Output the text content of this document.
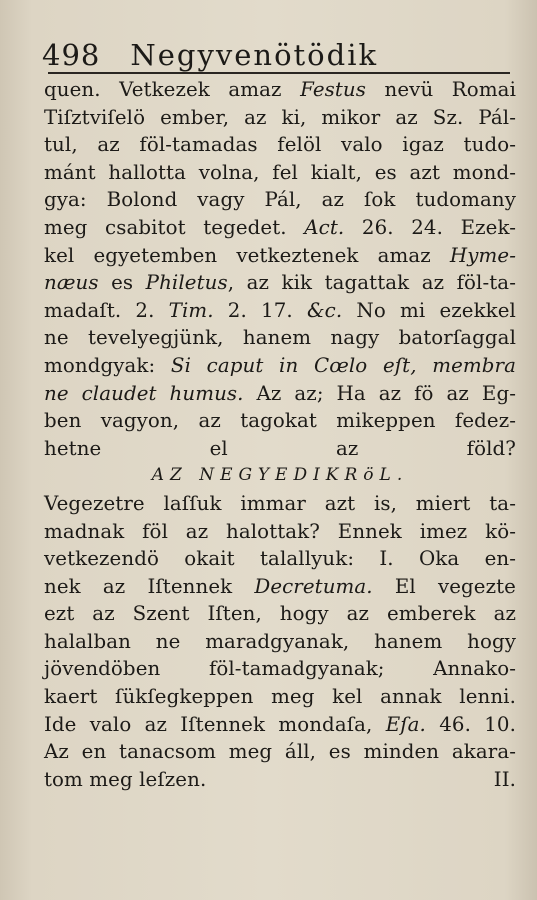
498 Negyvenötödik
quen. Vetkezek amaz Festus nevü Romai
Tiſztviſelö ember, az ki, mikor az Sz. Pál-
tul, az föl-tamadas felöl valo igaz tudo-
mánt hallotta volna, fel kialt, es azt mond-
gya: Bolond vagy Pál, az ſok tudomany
meg csabitot tegedet. Act. 26. 24. Ezek-
kel egyetemben vetkeztenek amaz Hyme-
næus es Philetus, az kik tagattak az föl-ta-
madaſt. 2. Tim. 2. 17. &c. No mi ezekkel
ne tevelyegjünk, hanem nagy batorſaggal
mondgyak: Si caput in Cœlo eſt, membra
ne claudet humus. Az az; Ha az fö az Eg-
ben vagyon, az tagokat mikeppen fedez-
hetne el az föld?
AZ NEGYEDIKRöL.
Vegezetre laſſuk immar azt is, miert ta-
madnak föl az halottak? Ennek imez kö-
vetkezendö okait talallyuk: I. Oka en-
nek az Iſtennek Decretuma. El vegezte
ezt az Szent Iſten, hogy az emberek az
halalban ne maradgyanak, hanem hogy
jövendöben föl-tamadgyanak; Annako-
kaert ſükſegkeppen meg kel annak lenni.
Ide valo az Iſtennek mondaſa, Eſa. 46. 10.
Az en tanacsom meg áll, es minden akara-
tom meg leſzen.	II.
